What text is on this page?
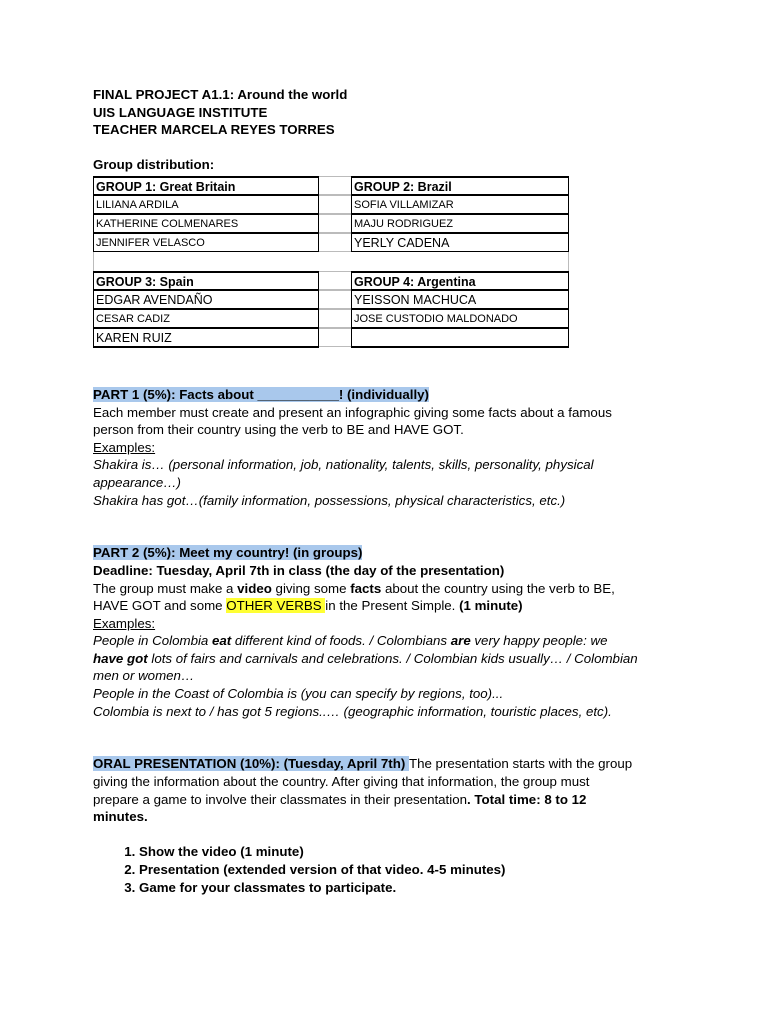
FINAL PROJECT A1.1: Around the world
UIS LANGUAGE INSTITUTE
TEACHER MARCELA REYES TORRES
Group distribution:
GROUP 1: Great Britain	GROUP 2: Brazil
LILIANA ARDILA	SOFIA VILLAMIZAR
KATHERINE COLMENARES	MAJU RODRIGUEZ
JENNIFER VELASCO	YERLY CADENA
GROUP 3: Spain	GROUP 4: Argentina
EDGAR AVENDAÑO	YEISSON MACHUCA
CESAR CADIZ	JOSE CUSTODIO MALDONADO
KAREN RUIZ
PART 1 (5%): Facts about ___________! (individually)
Each member must create and present an infographic giving some facts about a famous
person from their country using the verb to BE and HAVE GOT.
Examples:
Shakira is… (personal information, job, nationality, talents, skills, personality, physical
appearance…)
Shakira has got…(family information, possessions, physical characteristics, etc.)
PART 2 (5%): Meet my country! (in groups)
Deadline: Tuesday, April 7th in class (the day of the presentation)
The group must make a video giving some facts about the country using the verb to BE,
HAVE GOT and some OTHER VERBS in the Present Simple. (1 minute)
Examples:
People in Colombia eat different kind of foods. / Colombians are very happy people: we
have got lots of fairs and carnivals and celebrations. / Colombian kids usually… / Colombian
men or women…
People in the Coast of Colombia is (you can specify by regions, too)...
Colombia is next to / has got 5 regions..… (geographic information, touristic places, etc).
ORAL PRESENTATION (10%): (Tuesday, April 7th) The presentation starts with the group
giving the information about the country. After giving that information, the group must
prepare a game to involve their classmates in their presentation. Total time: 8 to 12
minutes.
1. Show the video (1 minute)
2. Presentation (extended version of that video. 4-5 minutes)
3. Game for your classmates to participate.
